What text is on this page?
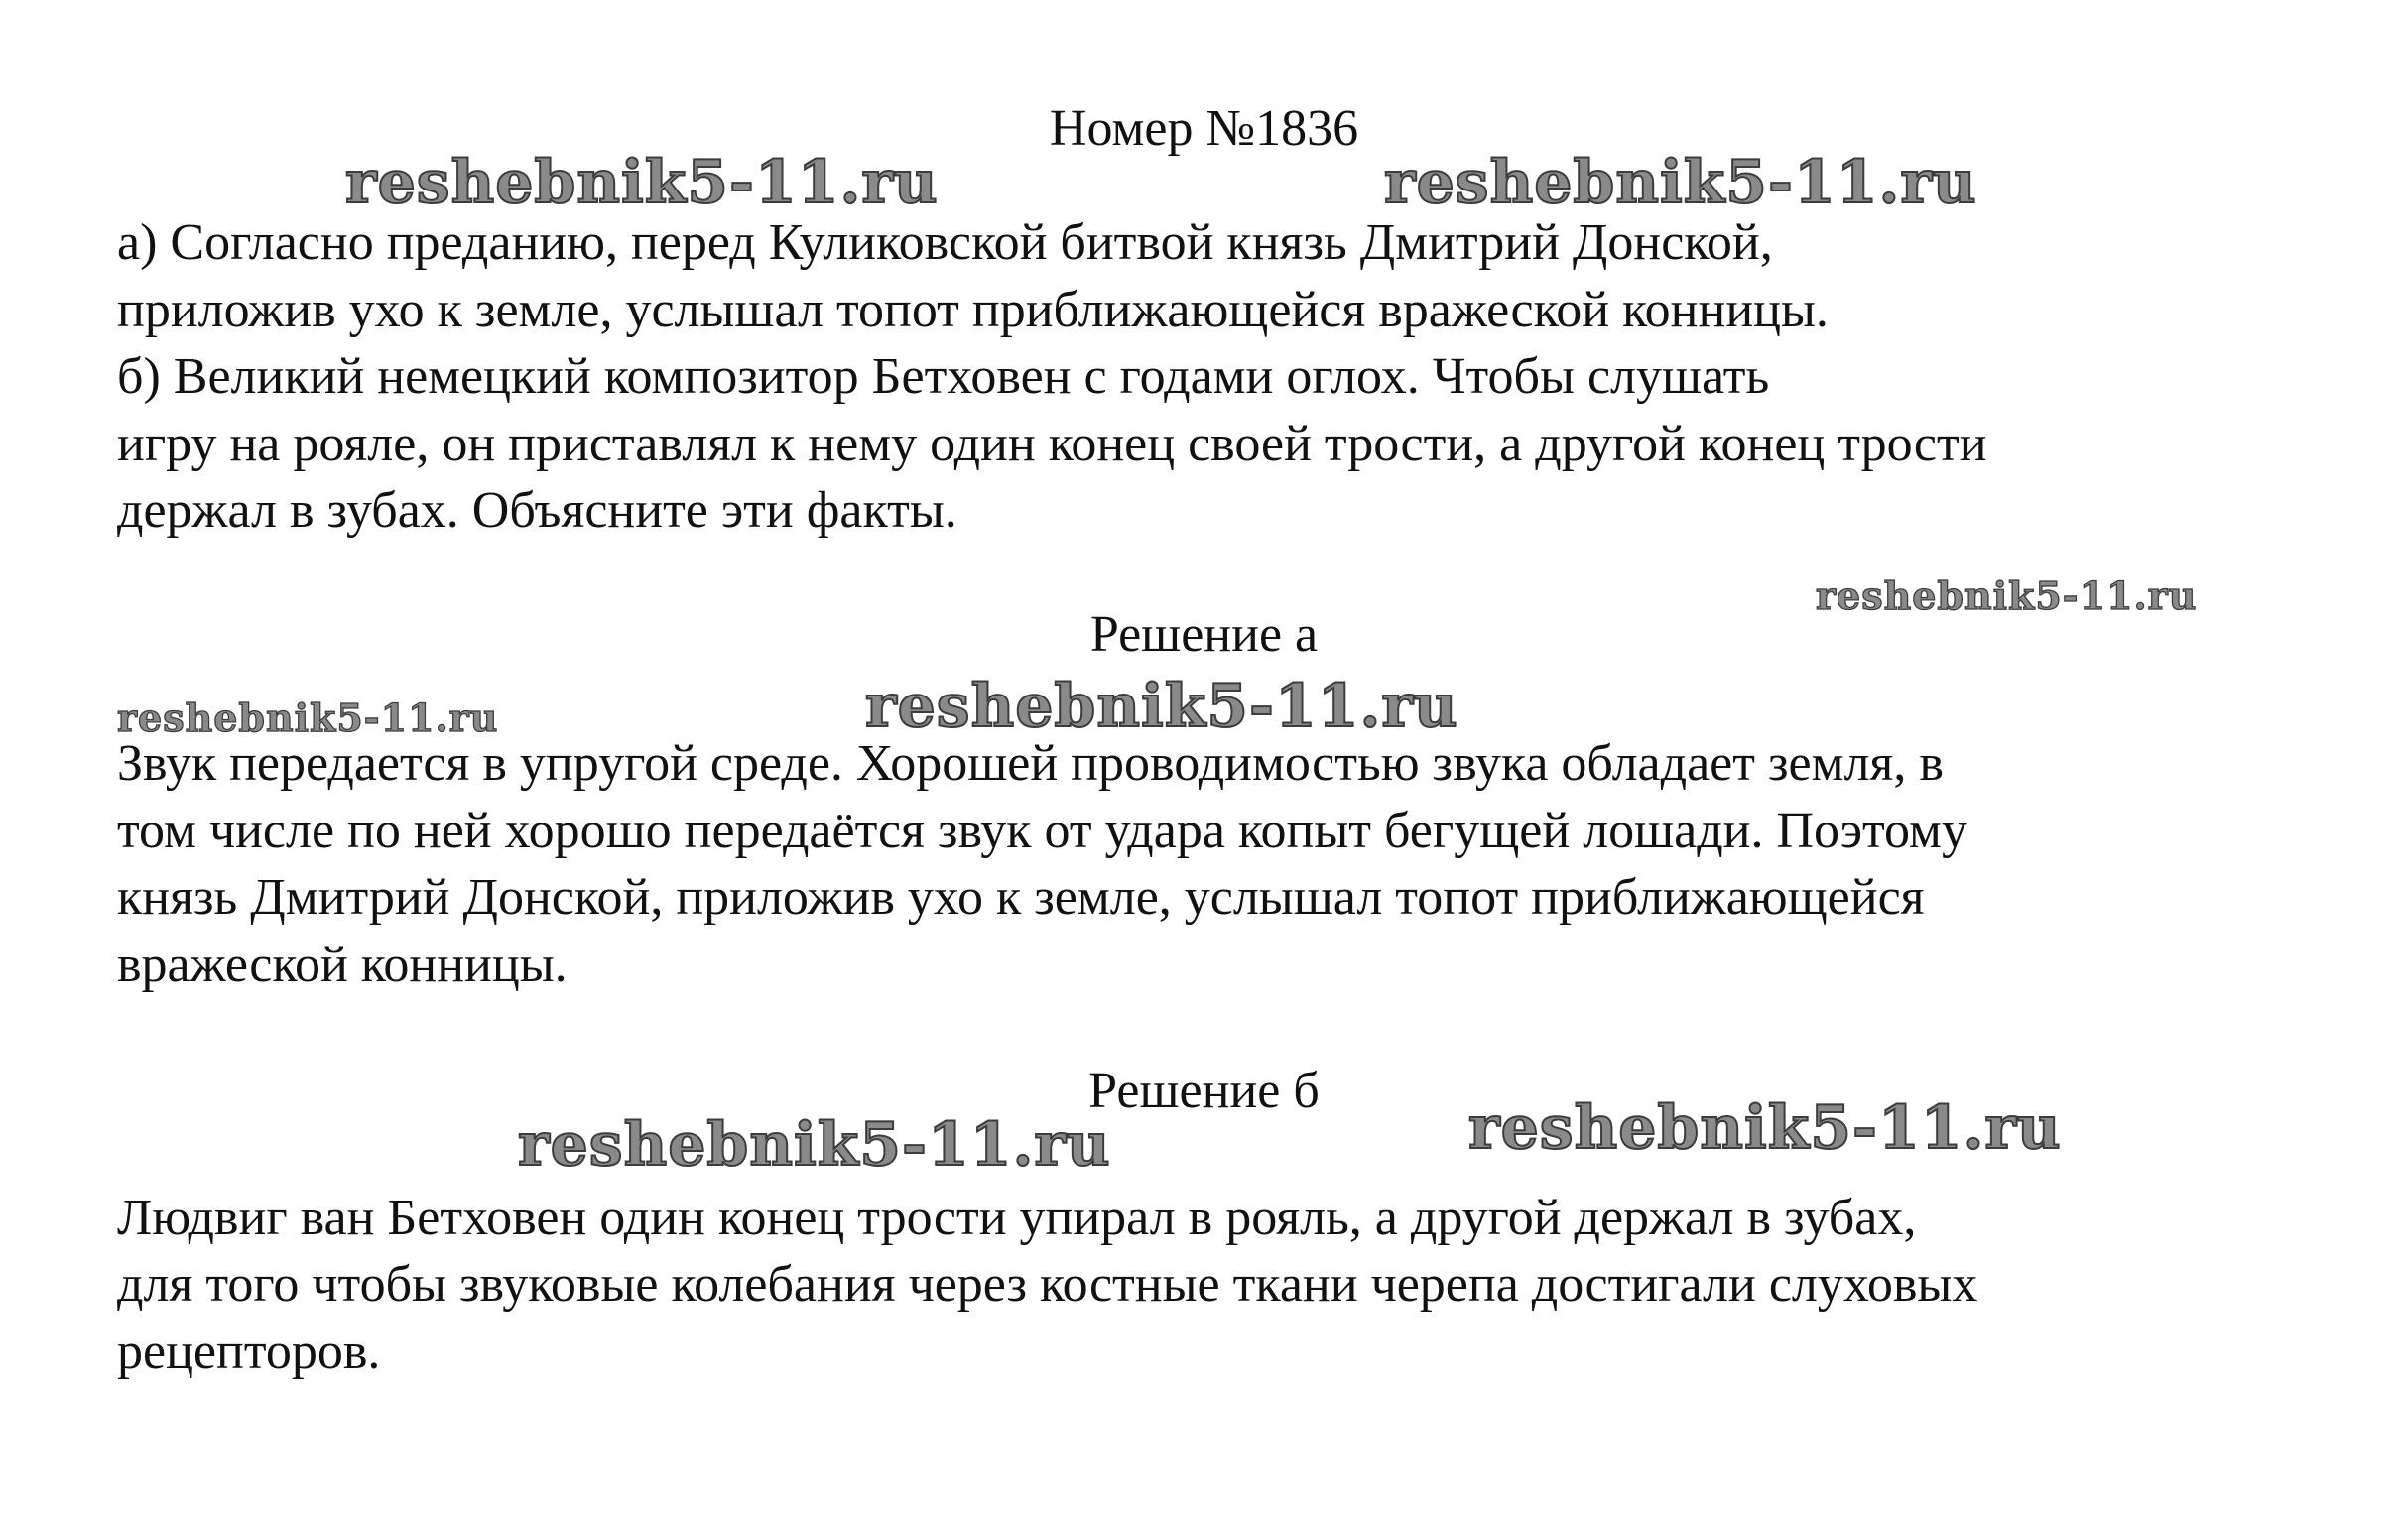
Номер №1836
reshebnik5-11.ru	reshebnik5-11.ru

а) Согласно преданию, перед Куликовской битвой князь Дмитрий Донской,

приложив ухо к земле, услышал топот приближающейся вражеской конницы.

б) Великий немецкий композитор Бетховен с годами оглох. Чтобы слушать

игру на рояле, он приставлял к нему один конец своей трости, а другой конец трости

держал в зубах. Объясните эти факты.

reshebnik5-11.ru
Решение а
reshebnik5-11.ru	reshebnik5-11.ru

Звук передается в упругой среде. Хорошей проводимостью звука обладает земля, в

том числе по ней хорошо передаётся звук от удара копыт бегущей лошади. Поэтому

князь Дмитрий Донской, приложив ухо к земле, услышал топот приближающейся

вражеской конницы.

Решение б
reshebnik5-11.ru	reshebnik5-11.ru

Людвиг ван Бетховен один конец трости упирал в рояль, а другой держал в зубах,

для того чтобы звуковые колебания через костные ткани черепа достигали слуховых

рецепторов.
